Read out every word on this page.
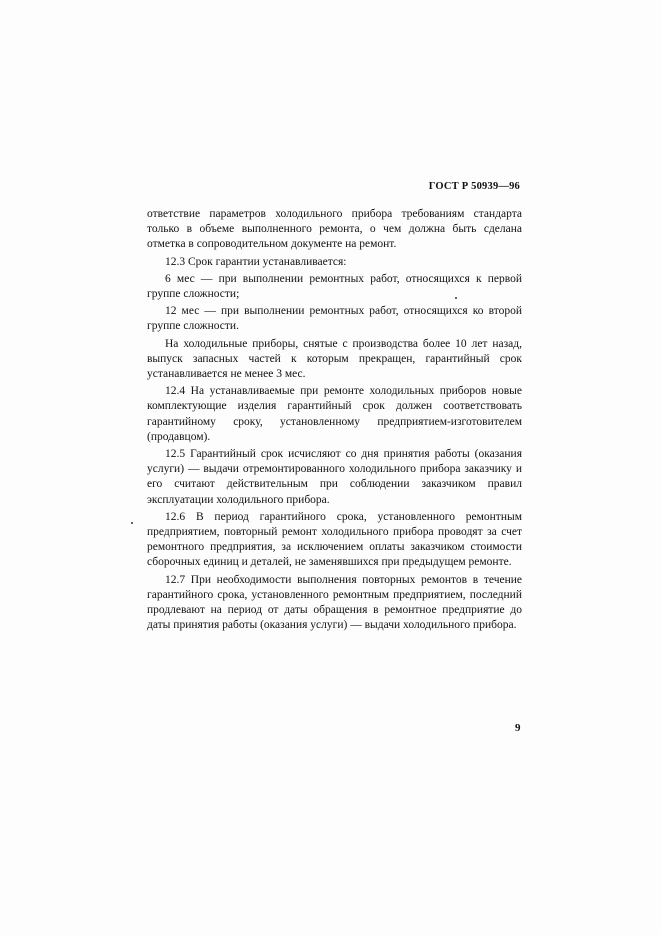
ГОСТ Р 50939—96

ответствие параметров холодильного прибора требованиям стандарта только в объеме выполненного ремонта, о чем должна быть сделана отметка в сопроводительном документе на ремонт.

12.3 Срок гарантии устанавливается:

6 мес — при выполнении ремонтных работ, относящихся к первой группе сложности;

12 мес — при выполнении ремонтных работ, относящихся ко второй группе сложности.

На холодильные приборы, снятые с производства более 10 лет назад, выпуск запасных частей к которым прекращен, гарантийный срок устанавливается не менее 3 мес.

12.4 На устанавливаемые при ремонте холодильных приборов новые комплектующие изделия гарантийный срок должен соответствовать гарантийному сроку, установленному предприятием-изготовителем (продавцом).

12.5 Гарантийный срок исчисляют со дня принятия работы (оказания услуги) — выдачи отремонтированного холодильного прибора заказчику и его считают действительным при соблюдении заказчиком правил эксплуатации холодильного прибора.

12.6 В период гарантийного срока, установленного ремонтным предприятием, повторный ремонт холодильного прибора проводят за счет ремонтного предприятия, за исключением оплаты заказчиком стоимости сборочных единиц и деталей, не заменявшихся при предыдущем ремонте.

12.7 При необходимости выполнения повторных ремонтов в течение гарантийного срока, установленного ремонтным предприятием, последний продлевают на период от даты обращения в ремонтное предприятие до даты принятия работы (оказания услуги) — выдачи холодильного прибора.

9
